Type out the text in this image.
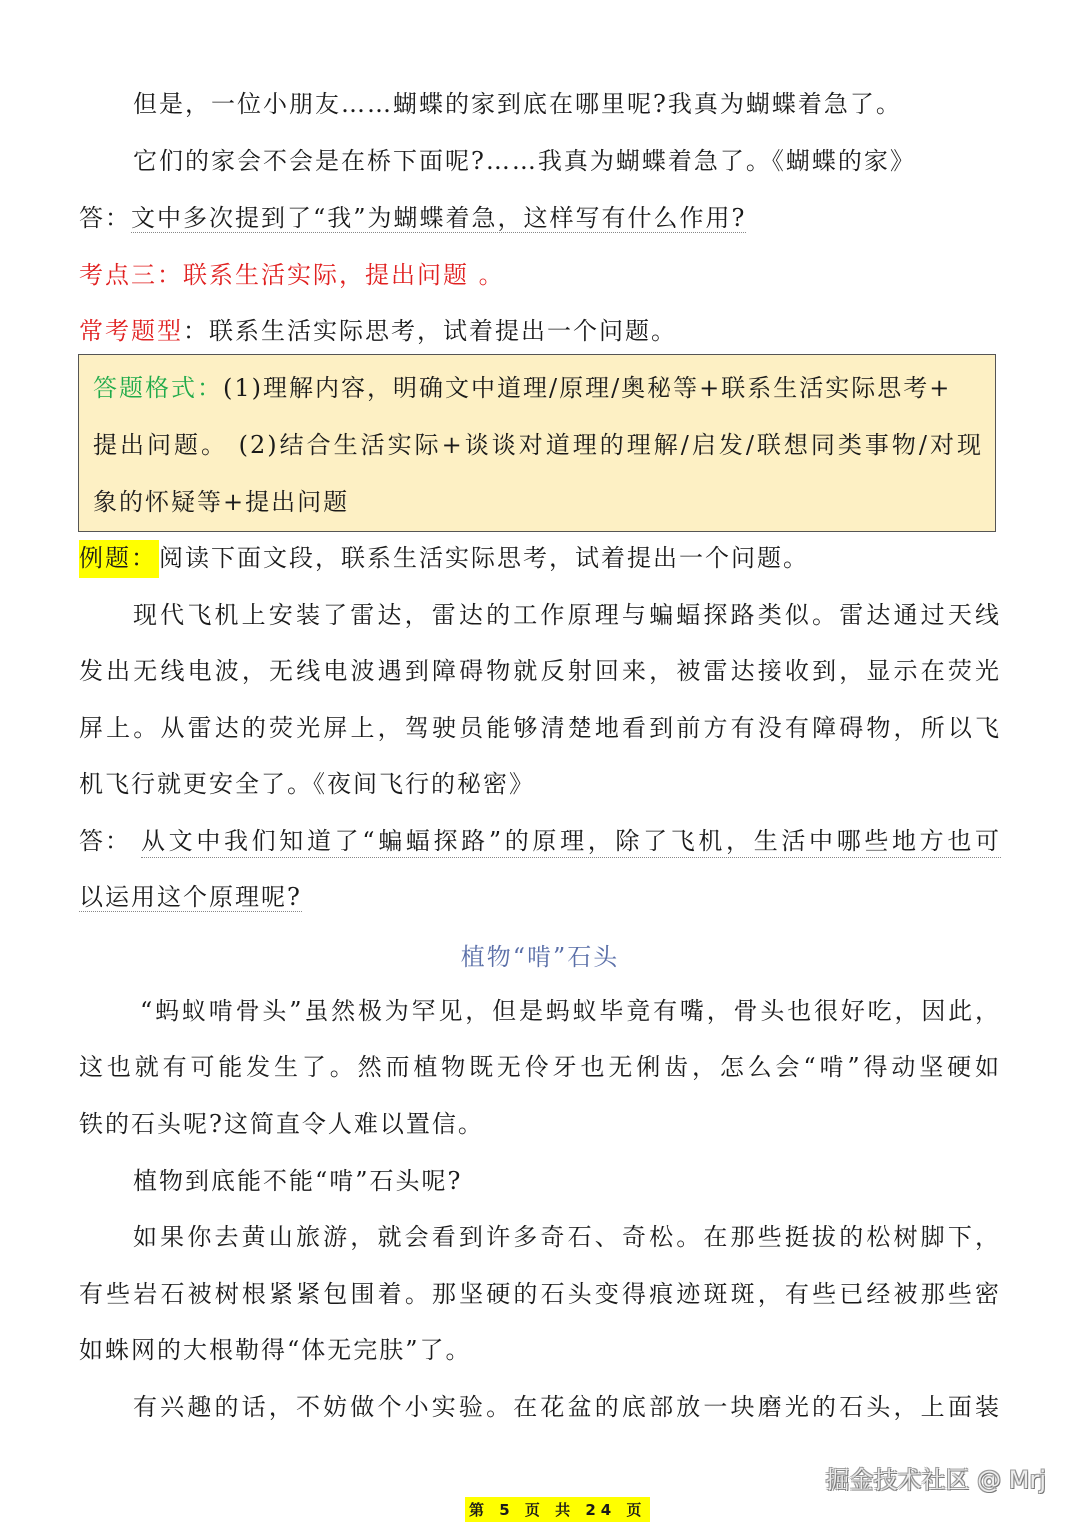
但是，一位小朋友……蝴蝶的家到底在哪里呢?我真为蝴蝶着急了。
它们的家会不会是在桥下面呢?……我真为蝴蝶着急了。《蝴蝶的家》
答：文中多次提到了“我”为蝴蝶着急，这样写有什么作用?
考点三：联系生活实际，提出问题 。
常考题型：联系生活实际思考，试着提出一个问题。
答题格式：(1)理解内容，明确文中道理/原理/奥秘等+联系生活实际思考+
提出问题。 (2)结合生活实际+谈谈对道理的理解/启发/联想同类事物/对现
象的怀疑等+提出问题
例题：阅读下面文段，联系生活实际思考，试着提出一个问题。
现代飞机上安装了雷达，雷达的工作原理与蝙蝠探路类似。雷达通过天线
发出无线电波，无线电波遇到障碍物就反射回来，被雷达接收到，显示在荧光
屏上。从雷达的荧光屏上，驾驶员能够清楚地看到前方有没有障碍物，所以飞
机飞行就更安全了。《夜间飞行的秘密》
答： 从文中我们知道了“蝙蝠探路”的原理，除了飞机，生活中哪些地方也可
以运用这个原理呢?
植物“啃”石头
“蚂蚁啃骨头”虽然极为罕见，但是蚂蚁毕竟有嘴，骨头也很好吃，因此，
这也就有可能发生了。然而植物既无伶牙也无俐齿，怎么会“啃”得动坚硬如
铁的石头呢?这简直令人难以置信。
植物到底能不能“啃”石头呢?
如果你去黄山旅游，就会看到许多奇石、奇松。在那些挺拔的松树脚下，
有些岩石被树根紧紧包围着。那坚硬的石头变得痕迹斑斑，有些已经被那些密
如蛛网的大根勒得“体无完肤”了。
有兴趣的话，不妨做个小实验。在花盆的底部放一块磨光的石头，上面装
掘金技术社区 @ Mrj
第 5 页 共 24 页
